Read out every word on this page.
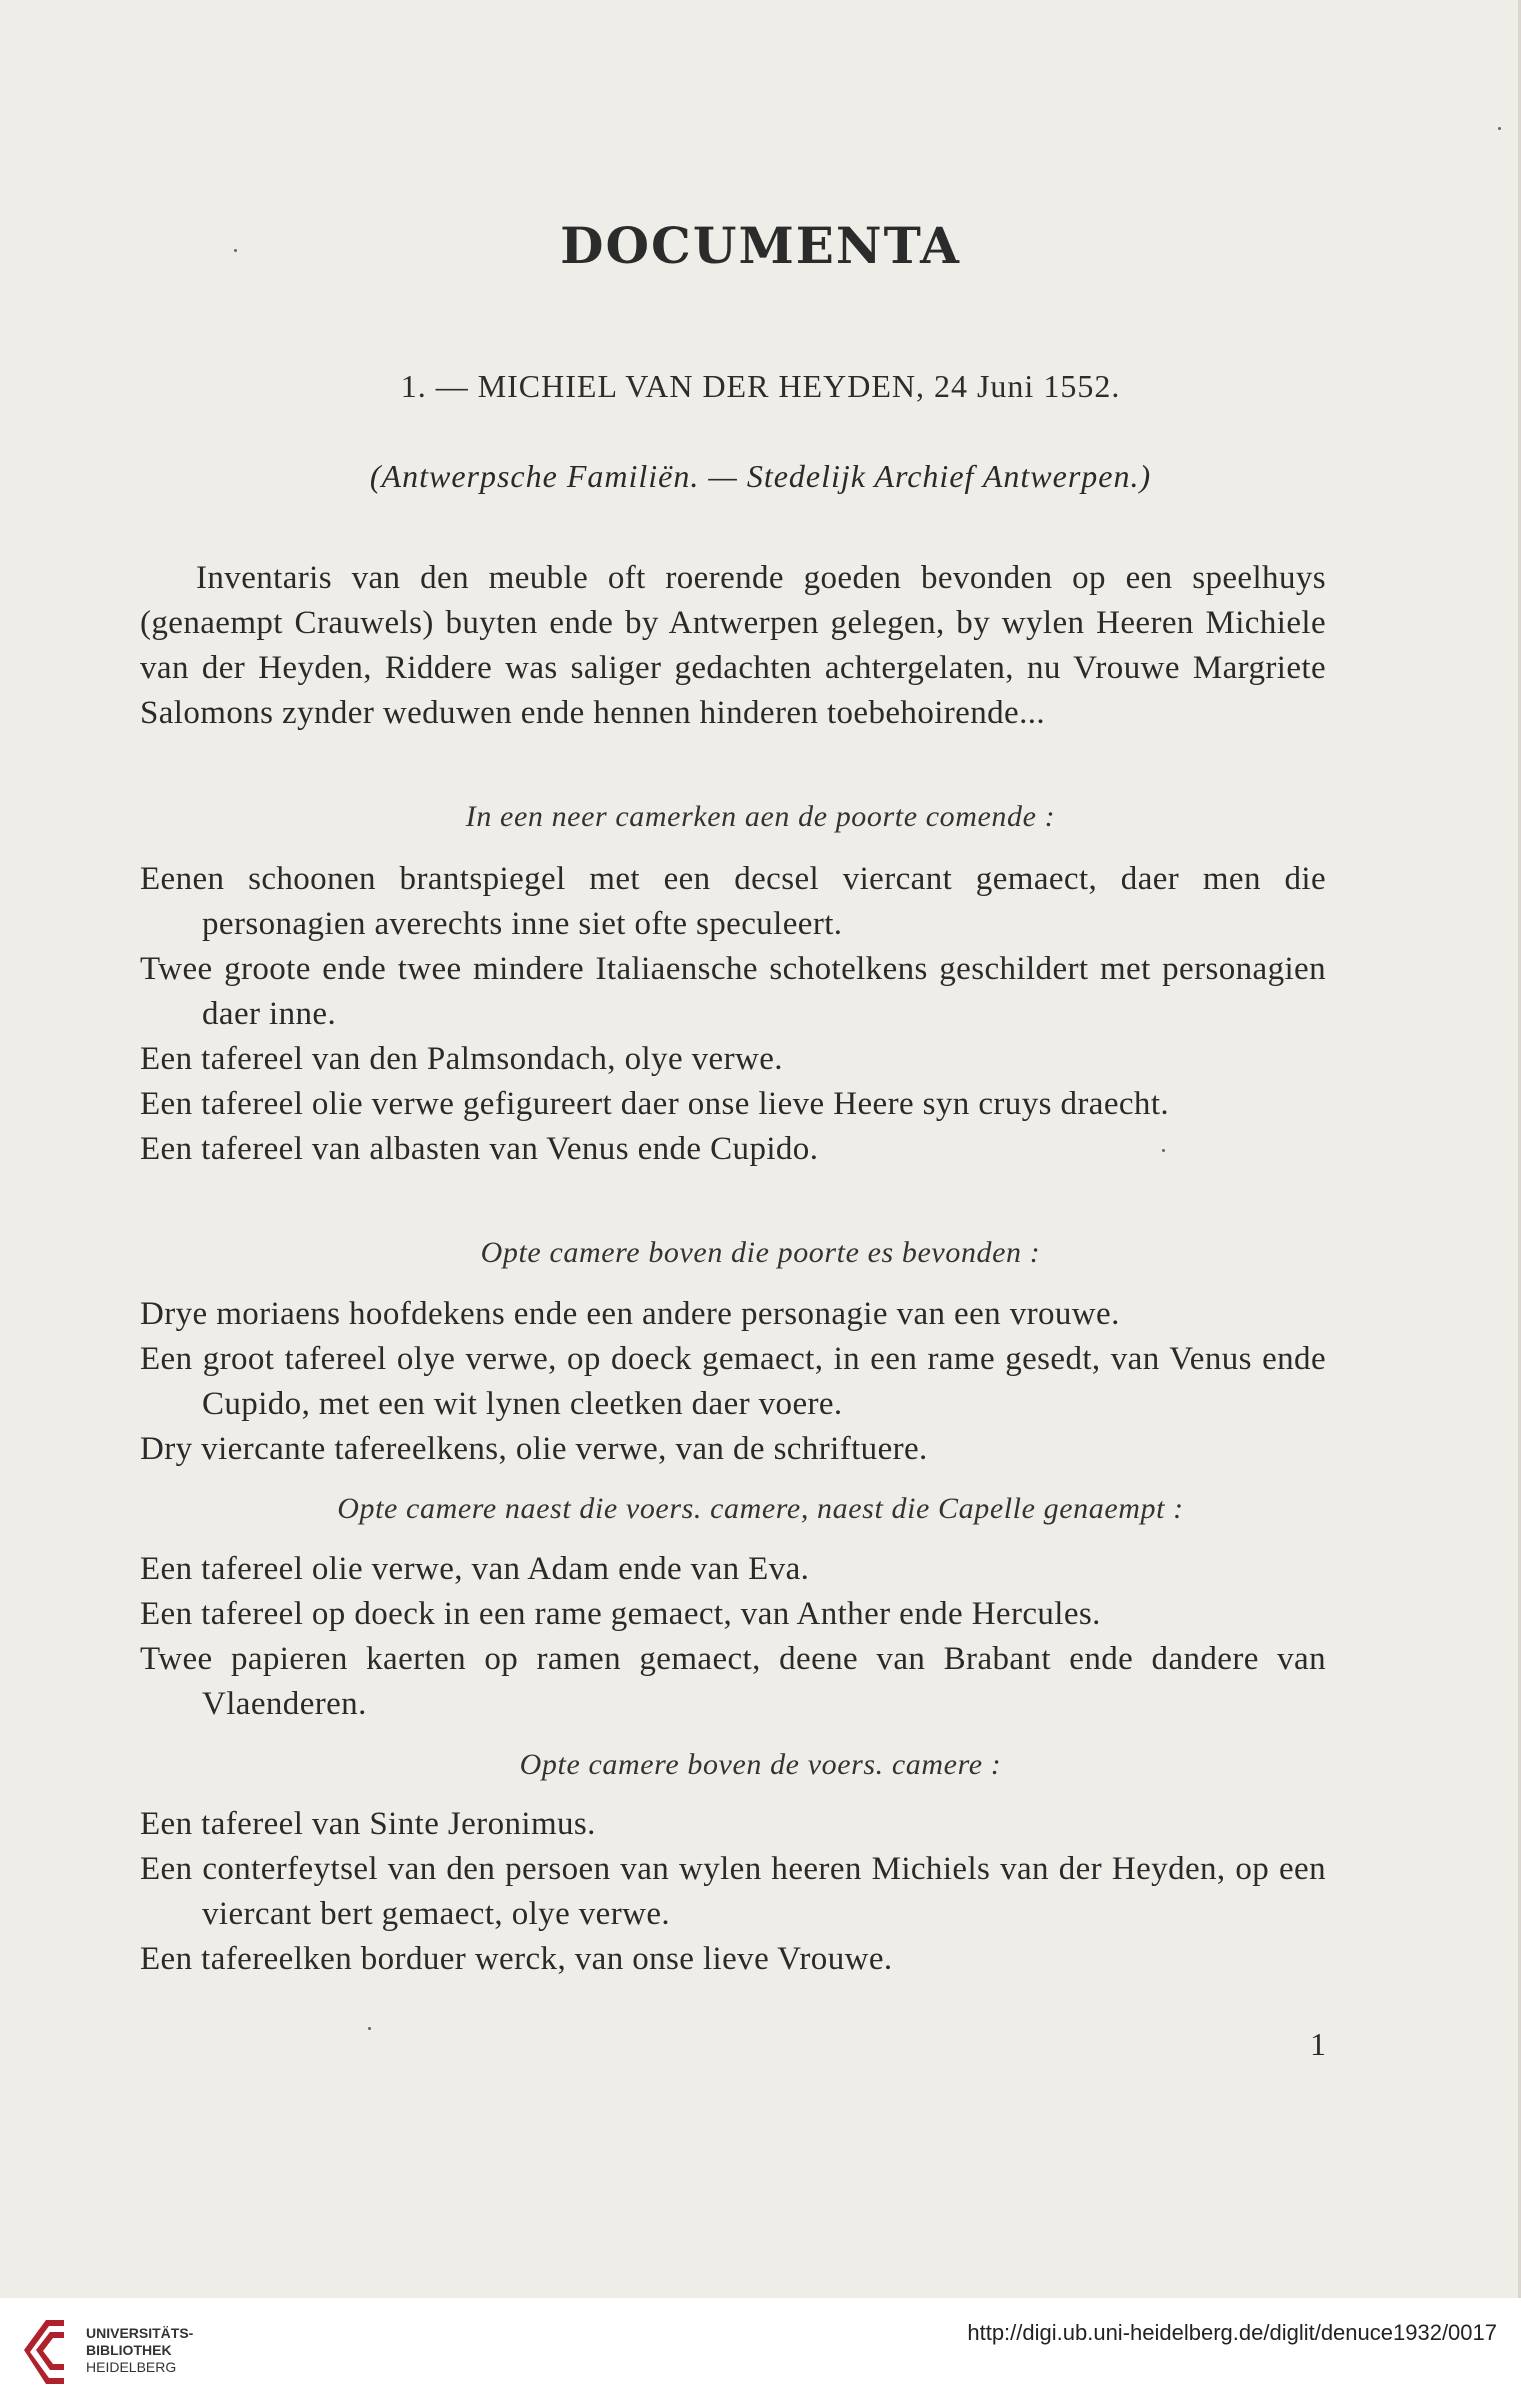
DOCUMENTA

1. — MICHIEL VAN DER HEYDEN, 24 Juni 1552.

(Antwerpsche Familiën. — Stedelijk Archief Antwerpen.)

Inventaris van den meuble oft roerende goeden bevonden op een speelhuys (genaempt Crauwels) buyten ende by Antwerpen gelegen, by wylen Heeren Michiele van der Heyden, Riddere was saliger gedachten achtergelaten, nu Vrouwe Margriete Salomons zynder weduwen ende hennen hinderen toebehoirende...

In een neer camerken aen de poorte comende :

Eenen schoonen brantspiegel met een decsel viercant gemaect, daer men die personagien averechts inne siet ofte speculeert.
Twee groote ende twee mindere Italiaensche schotelkens geschildert met personagien daer inne.
Een tafereel van den Palmsondach, olye verwe.
Een tafereel olie verwe gefigureert daer onse lieve Heere syn cruys draecht.
Een tafereel van albasten van Venus ende Cupido.

Opte camere boven die poorte es bevonden :

Drye moriaens hoofdekens ende een andere personagie van een vrouwe.
Een groot tafereel olye verwe, op doeck gemaect, in een rame gesedt, van Venus ende Cupido, met een wit lynen cleetken daer voere.
Dry viercante tafereelkens, olie verwe, van de schriftuere.

Opte camere naest die voers. camere, naest die Capelle genaempt :

Een tafereel olie verwe, van Adam ende van Eva.
Een tafereel op doeck in een rame gemaect, van Anther ende Hercules.
Twee papieren kaerten op ramen gemaect, deene van Brabant ende dandere van Vlaenderen.

Opte camere boven de voers. camere :

Een tafereel van Sinte Jeronimus.
Een conterfeytsel van den persoen van wylen heeren Michiels van der Heyden, op een viercant bert gemaect, olye verwe.
Een tafereelken borduer werck, van onse lieve Vrouwe.

1

UNIVERSITÄTS-
BIBLIOTHEK
HEIDELBERG
http://digi.ub.uni-heidelberg.de/diglit/denuce1932/0017
